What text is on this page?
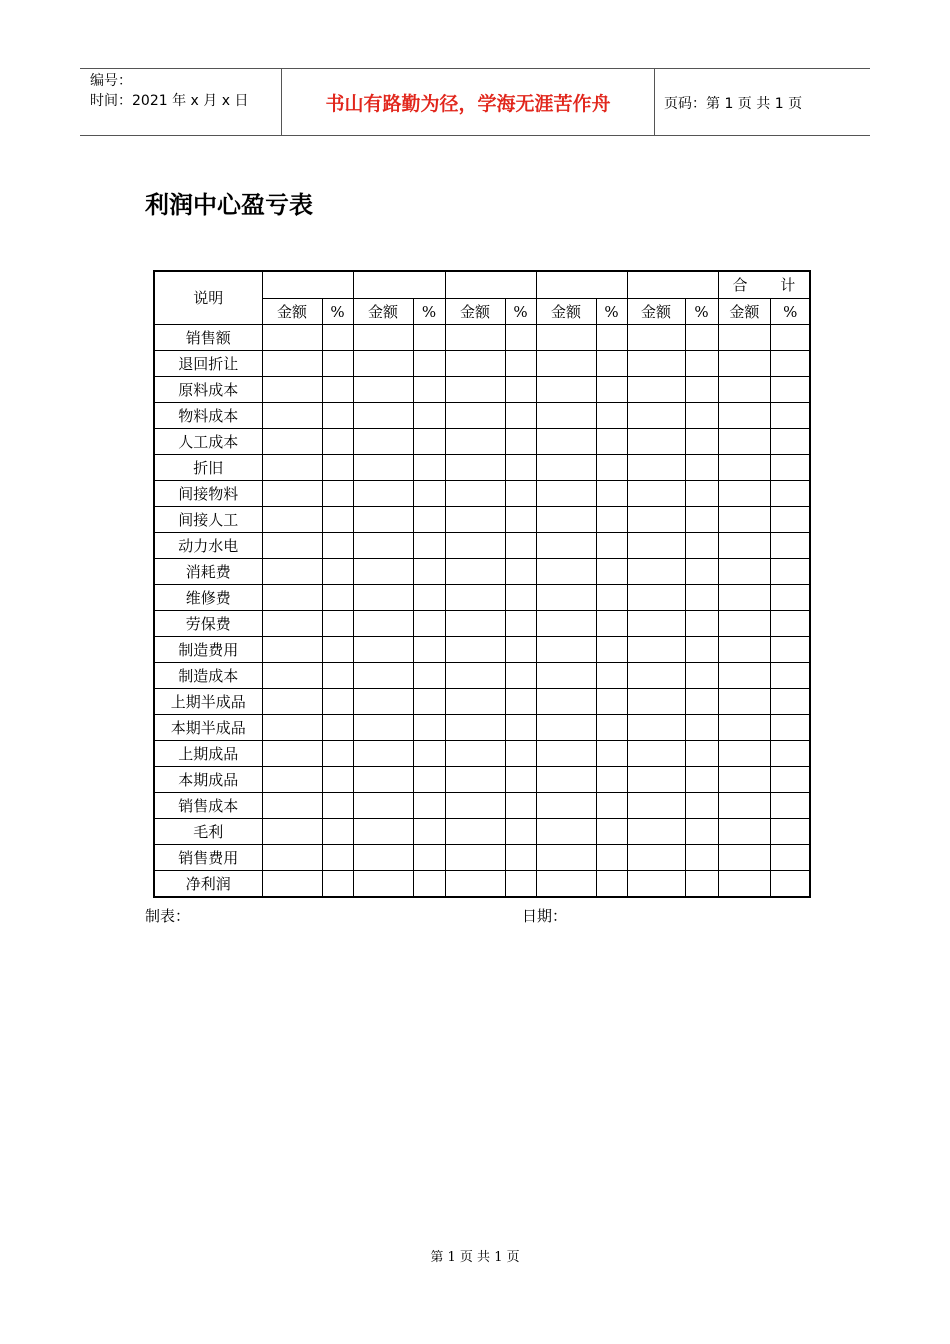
编号：
时间：2021 年 x 月 x 日	书山有路勤为径，学海无涯苦作舟	页码：第 1 页 共 1 页
利润中心盈亏表
说明											合 计	
	金额	%	金额	%	金额	%	金额	%	金额	%	金额	%
销售额												
退回折让												
原料成本												
物料成本												
人工成本												
折旧												
间接物料												
间接人工												
动力水电												
消耗费												
维修费												
劳保费												
制造费用												
制造成本												
上期半成品												
本期半成品												
上期成品												
本期成品												
销售成本												
毛利												
销售费用												
净利润												
制表：	日期：
第 1 页 共 1 页
